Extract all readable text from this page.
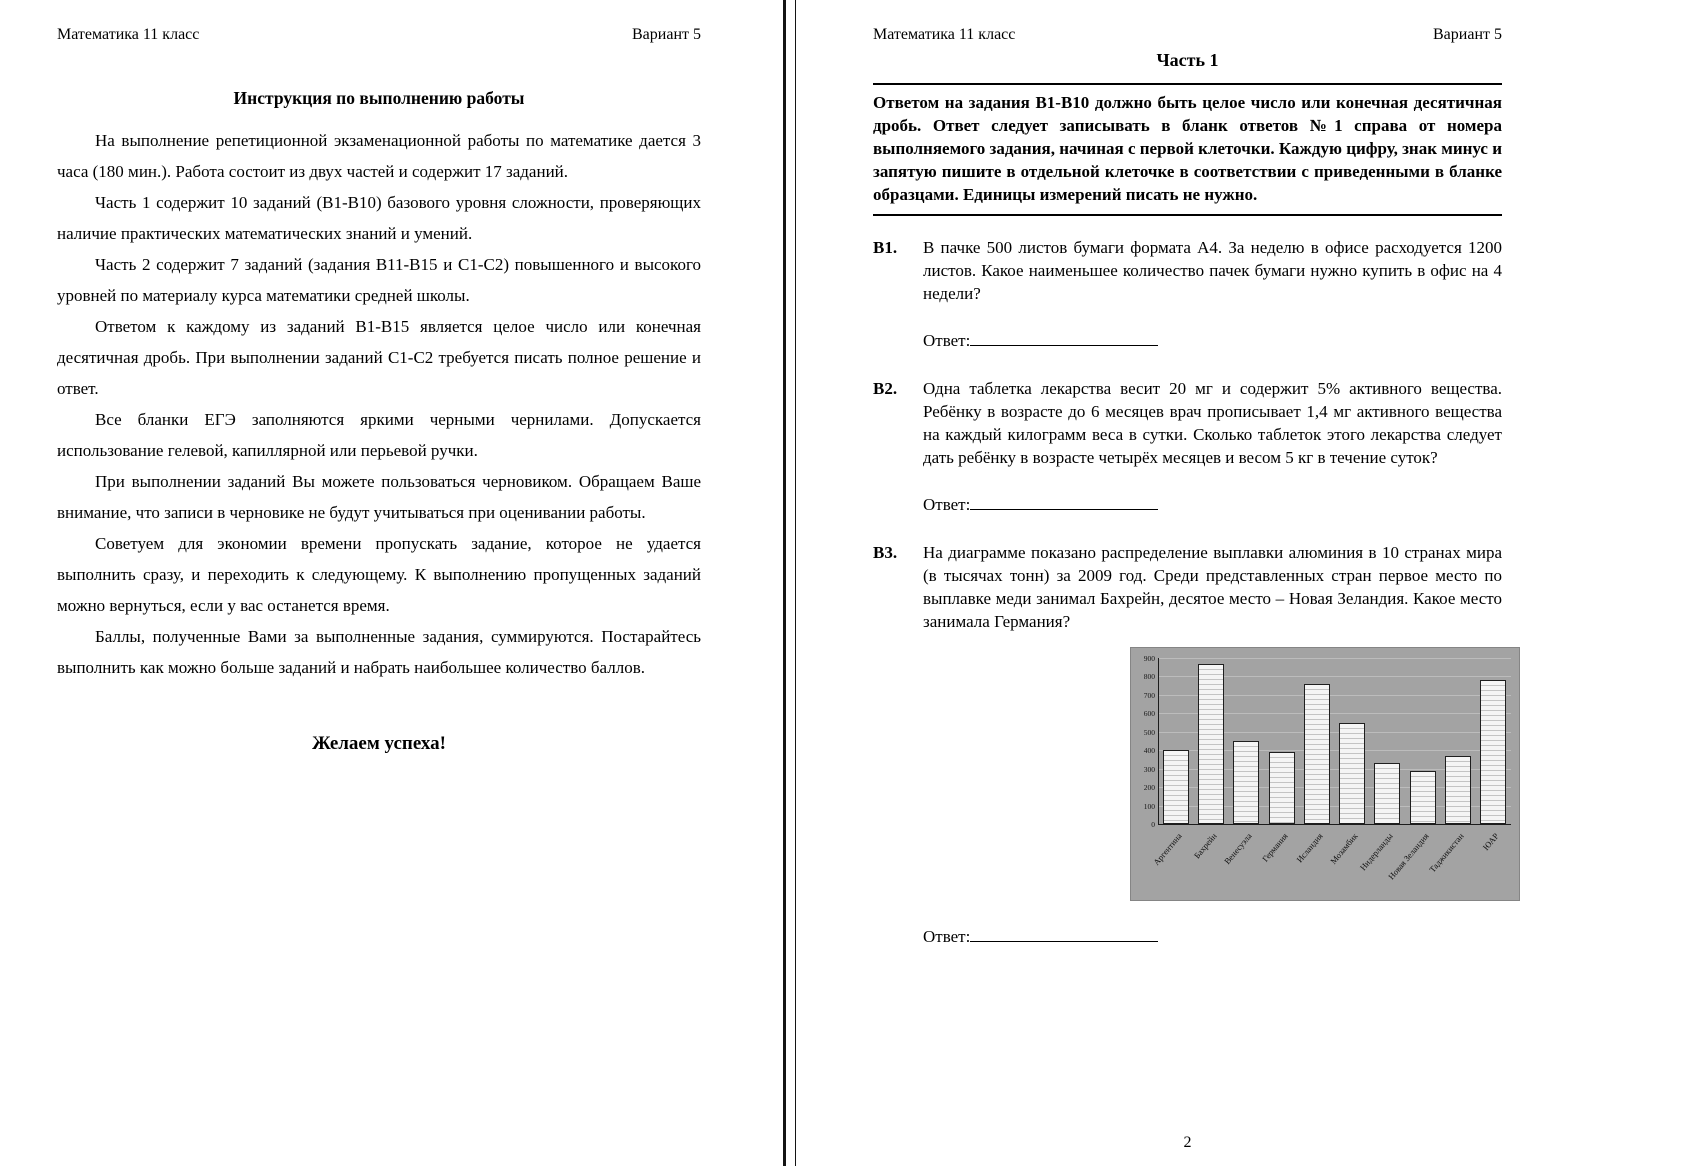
Математика 11 класс	Вариант 5
Инструкция по выполнению работы

На выполнение репетиционной экзаменационной работы по математике дается 3 часа (180 мин.). Работа состоит из двух частей и содержит 17 заданий.

Часть 1 содержит 10 заданий (В1-В10) базового уровня сложности, проверяющих наличие практических математических знаний и умений.

Часть 2 содержит 7 заданий (задания В11-В15 и С1-С2) повышенного и высокого уровней по материалу курса математики средней школы.

Ответом к каждому из заданий В1-В15 является целое число или конечная десятичная дробь. При выполнении заданий С1-С2 требуется писать полное решение и ответ.

Все бланки ЕГЭ заполняются яркими черными чернилами. Допускается использование гелевой, капиллярной или перьевой ручки.

При выполнении заданий Вы можете пользоваться черновиком. Обращаем Ваше внимание, что записи в черновике не будут учитываться при оценивании работы.

Советуем для экономии времени пропускать задание, которое не удается выполнить сразу, и переходить к следующему. К выполнению пропущенных заданий можно вернуться, если у вас останется время.

Баллы, полученные Вами за выполненные задания, суммируются. Постарайтесь выполнить как можно больше заданий и набрать наибольшее количество баллов.

Желаем успеха!
Математика 11 класс	Вариант 5
Часть 1
Ответом на задания В1-В10 должно быть целое число или конечная десятичная дробь. Ответ следует записывать в бланк ответов №1 справа от номера выполняемого задания, начиная с первой клеточки. Каждую цифру, знак минус и запятую пишите в отдельной клеточке в соответствии с приведенными в бланке образцами. Единицы измерений писать не нужно.
В1.	В пачке 500 листов бумаги формата А4. За неделю в офисе расходуется 1200 листов. Какое наименьшее количество пачек бумаги нужно купить в офис на 4 недели?

Ответ:
В2.	Одна таблетка лекарства весит 20 мг и содержит 5% активного вещества. Ребёнку в возрасте до 6 месяцев врач прописывает 1,4 мг активного вещества на каждый килограмм веса в сутки. Сколько таблеток этого лекарства следует дать ребёнку в возрасте четырёх месяцев и весом 5 кг в течение суток?

Ответ:
В3.	На диаграмме показано распределение выплавки алюминия в 10 странах мира (в тысячах тонн) за 2009 год. Среди представленных стран первое место по выплавке меди занимал Бахрейн, десятое место – Новая Зеландия. Какое место занимала Германия?

0
100
200
300
400
500
600
700
800
900
Аргентина Бахрейн Венесуэла Германия Исландия Мозамбик
Нидерланды
Новая Зеландия
Таджикистан	ЮАР
Ответ:
2
